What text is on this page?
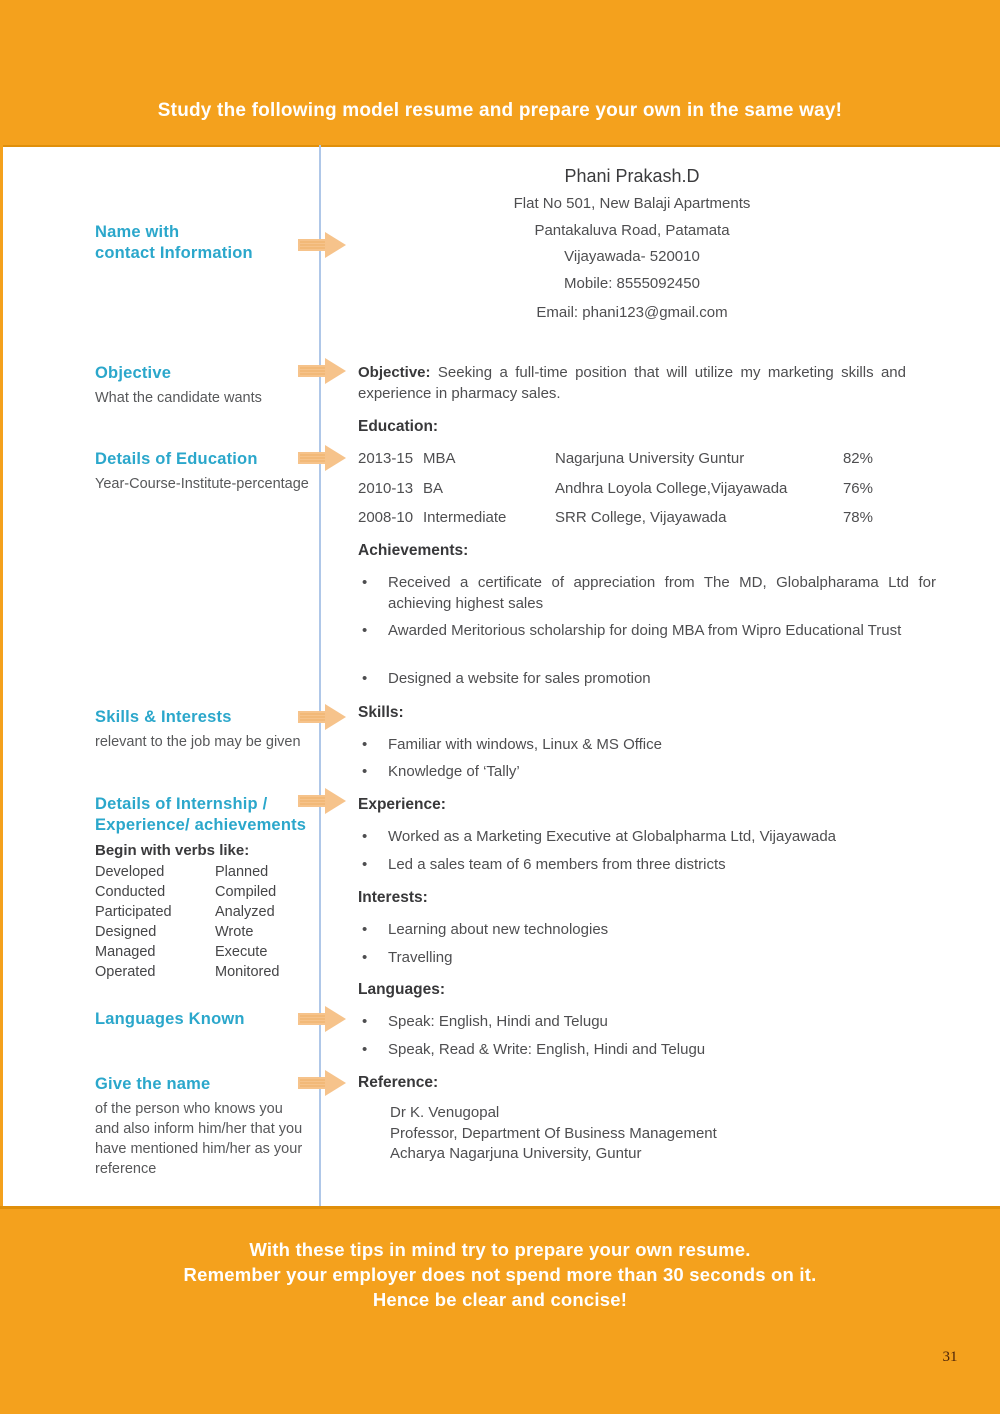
Study the following model resume and prepare your own in the same way!
Name with
contact Information
Objective
What the candidate wants
Details of Education
Year-Course-Institute-percentage
Skills & Interests
relevant to the job may be given
Details of Internship /
Experience/ achievements
Begin with verbs like:
Developed	Planned
Conducted	Compiled
Participated	Analyzed
Designed	Wrote
Managed	Execute
Operated	Monitored
Languages Known
Give the name
of the person who knows you
and also inform him/her that you
have mentioned him/her as your
reference
Phani Prakash.D
Flat No 501, New Balaji Apartments
Pantakaluva Road, Patamata
Vijayawada- 520010
Mobile: 8555092450
Email: phani123@gmail.com
Objective: Seeking a full-time position that will utilize my marketing skills and experience in pharmacy sales.
Education:
2013-15 MBA	Nagarjuna University Guntur	82%
2010-13 BA	Andhra Loyola College,Vijayawada	76%
2008-10 Intermediate	SRR College, Vijayawada	78%
Achievements:
• Received a certificate of appreciation from The MD, Globalpharama Ltd for achieving highest sales
• Awarded Meritorious scholarship for doing MBA from Wipro Educational Trust
• Designed a website for sales promotion
Skills:
• Familiar with windows, Linux & MS Office
• Knowledge of ‘Tally’
Experience:
• Worked as a Marketing Executive at Globalpharma Ltd, Vijayawada
• Led a sales team of 6 members from three districts
Interests:
• Learning about new technologies
• Travelling
Languages:
• Speak: English, Hindi and Telugu
• Speak, Read & Write: English, Hindi and Telugu
Reference:
Dr K. Venugopal
Professor, Department Of Business Management
Acharya Nagarjuna University, Guntur
With these tips in mind try to prepare your own resume.
Remember your employer does not spend more than 30 seconds on it.
Hence be clear and concise!
31
